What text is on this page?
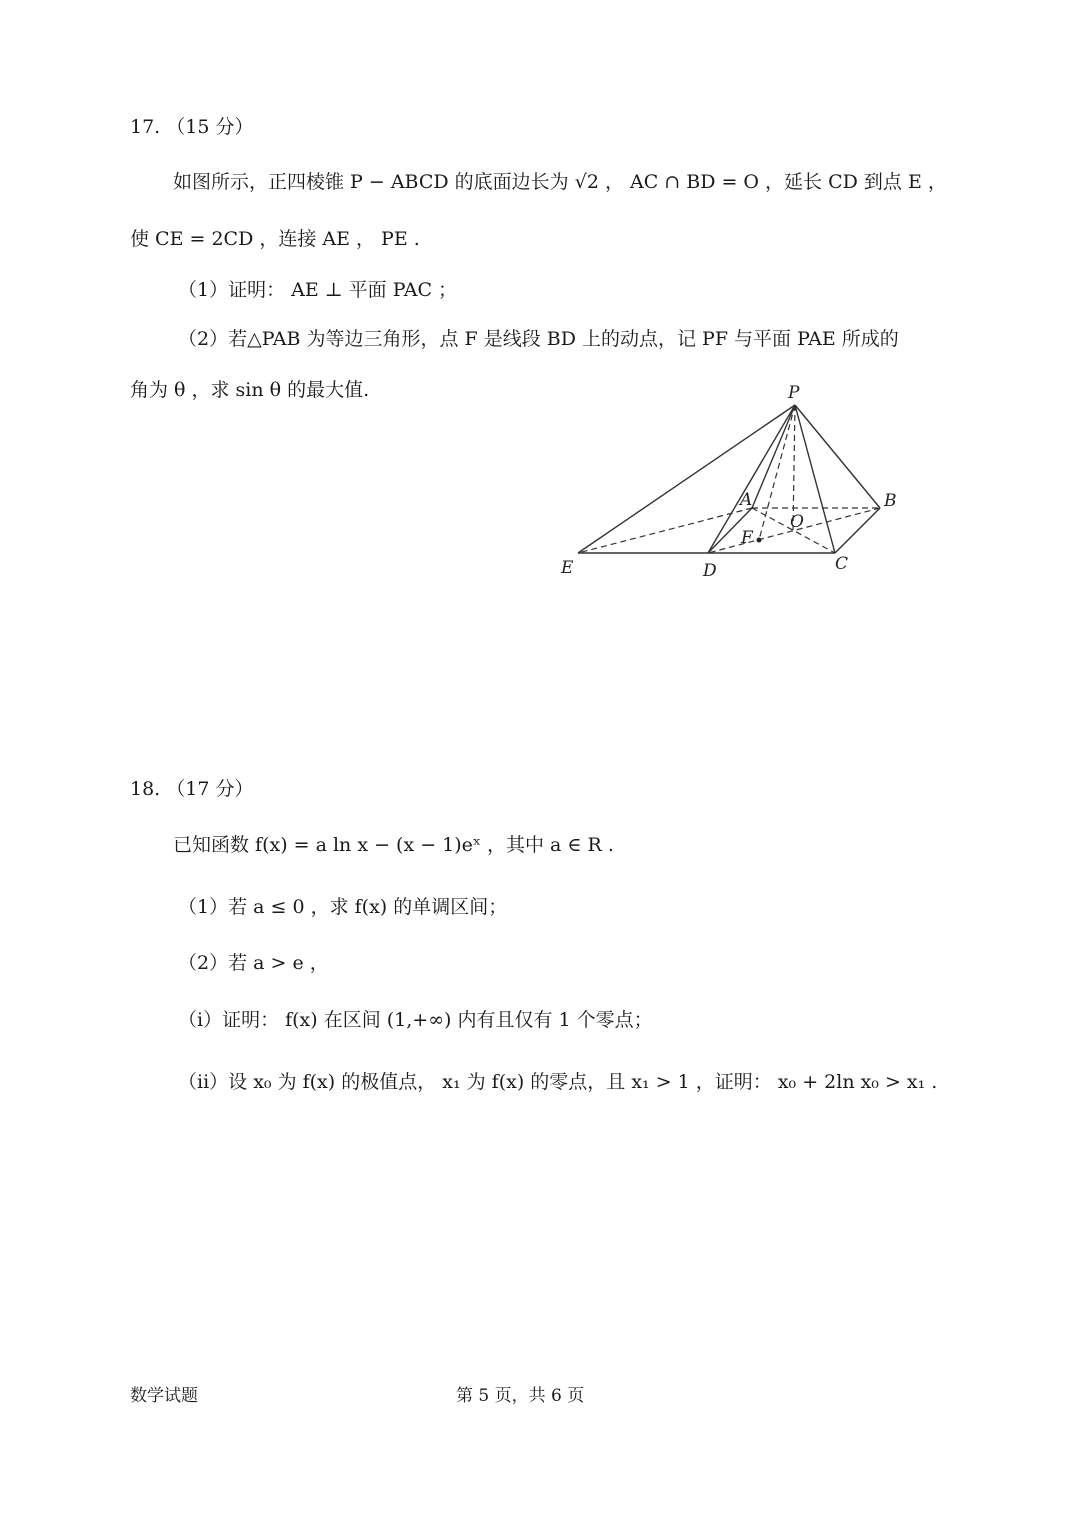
17. （15 分）
如图所示，正四棱锥 P − ABCD 的底面边长为 √2 ， AC ∩ BD = O ，延长 CD 到点 E ，
使 CE = 2CD ，连接 AE ， PE .
（1）证明： AE ⊥ 平面 PAC ；
（2）若△PAB 为等边三角形，点 F 是线段 BD 上的动点，记 PF 与平面 PAE 所成的
角为 θ ，求 sin θ 的最大值.	P
A	B
O
F
C
D
E
18. （17 分）
已知函数 f(x) = a ln x − (x − 1)eˣ ，其中 a ∈ R .
（1）若 a ≤ 0 ，求 f(x) 的单调区间；
（2）若 a > e ，
（i）证明： f(x) 在区间 (1,+∞) 内有且仅有 1 个零点；
（ii）设 x₀ 为 f(x) 的极值点， x₁ 为 f(x) 的零点，且 x₁ > 1 ，证明： x₀ + 2ln x₀ > x₁ .
数学试题	第 5 页，共 6 页
